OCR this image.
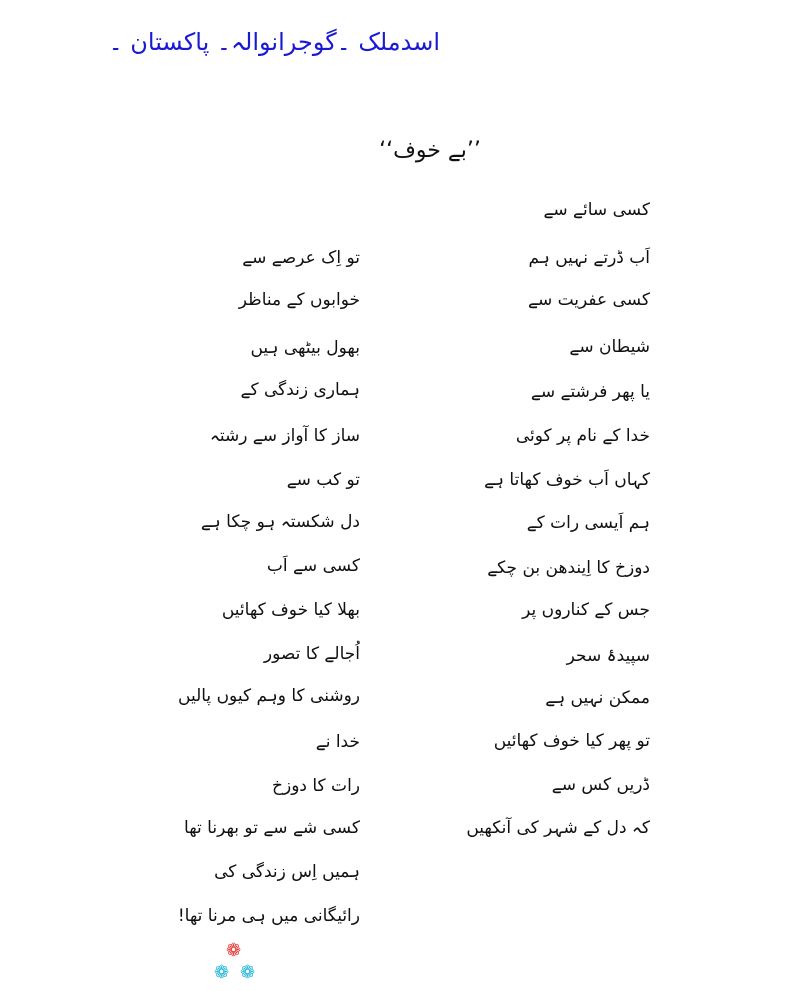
اسدملک ۔گوجرانوالہ۔ پاکستان ۔
’’بے خوف‘‘
کسی سائے سے
اَب ڈرتے نہیں ہم
کسی عفریت سے
شیطان سے
یا پھر فرشتے سے
خدا کے نام پر کوئی
کہاں اَب خوف کھاتا ہے
ہم اَیسی رات کے
دوزخ کا اِیندھن بن چکے
جس کے کناروں پر
سپیدۂ سحر
ممکن نہیں ہے
تو پھر کیا خوف کھائیں
ڈریں کس سے
کہ دل کے شہر کی آنکھیں
تو اِک عرصے سے
خوابوں کے مناظر
بھول بیٹھی ہیں
ہماری زندگی کے
ساز کا آواز سے رشتہ
تو کب سے
دل شکستہ ہو چکا ہے
کسی سے اَب
بھلا کیا خوف کھائیں
اُجالے کا تصور
روشنی کا وہم کیوں پالیں
خدا نے
رات کا دوزخ
کسی شے سے تو بھرنا تھا
ہمیں اِس زندگی کی
رائیگانی میں ہی مرنا تھا!
❁
❁ ❁
